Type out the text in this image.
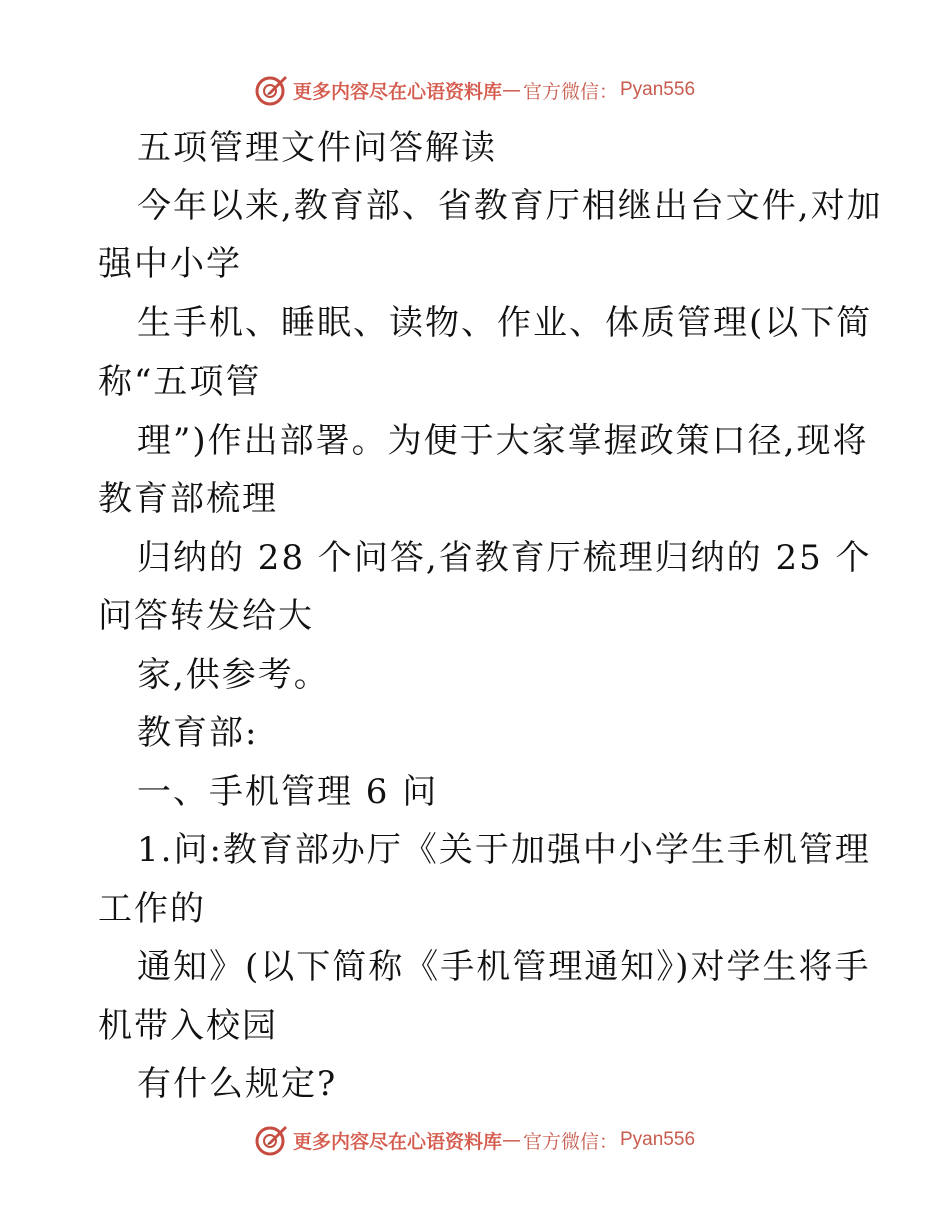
更多内容尽在心语资料库 — 官方微信： Pyan556
五项管理文件问答解读
今年以来,教育部、省教育厅相继出台文件,对加
强中小学
生手机、睡眠、读物、作业、体质管理(以下简
称“五项管
理”)作出部署。为便于大家掌握政策口径,现将
教育部梳理
归纳的 28 个问答,省教育厅梳理归纳的 25 个
问答转发给大
家,供参考。
教育部:
一、手机管理 6 问
1.问:教育部办厅《关于加强中小学生手机管理
工作的
通知》(以下简称《手机管理通知》)对学生将手
机带入校园
有什么规定?
更多内容尽在心语资料库 — 官方微信： Pyan556
